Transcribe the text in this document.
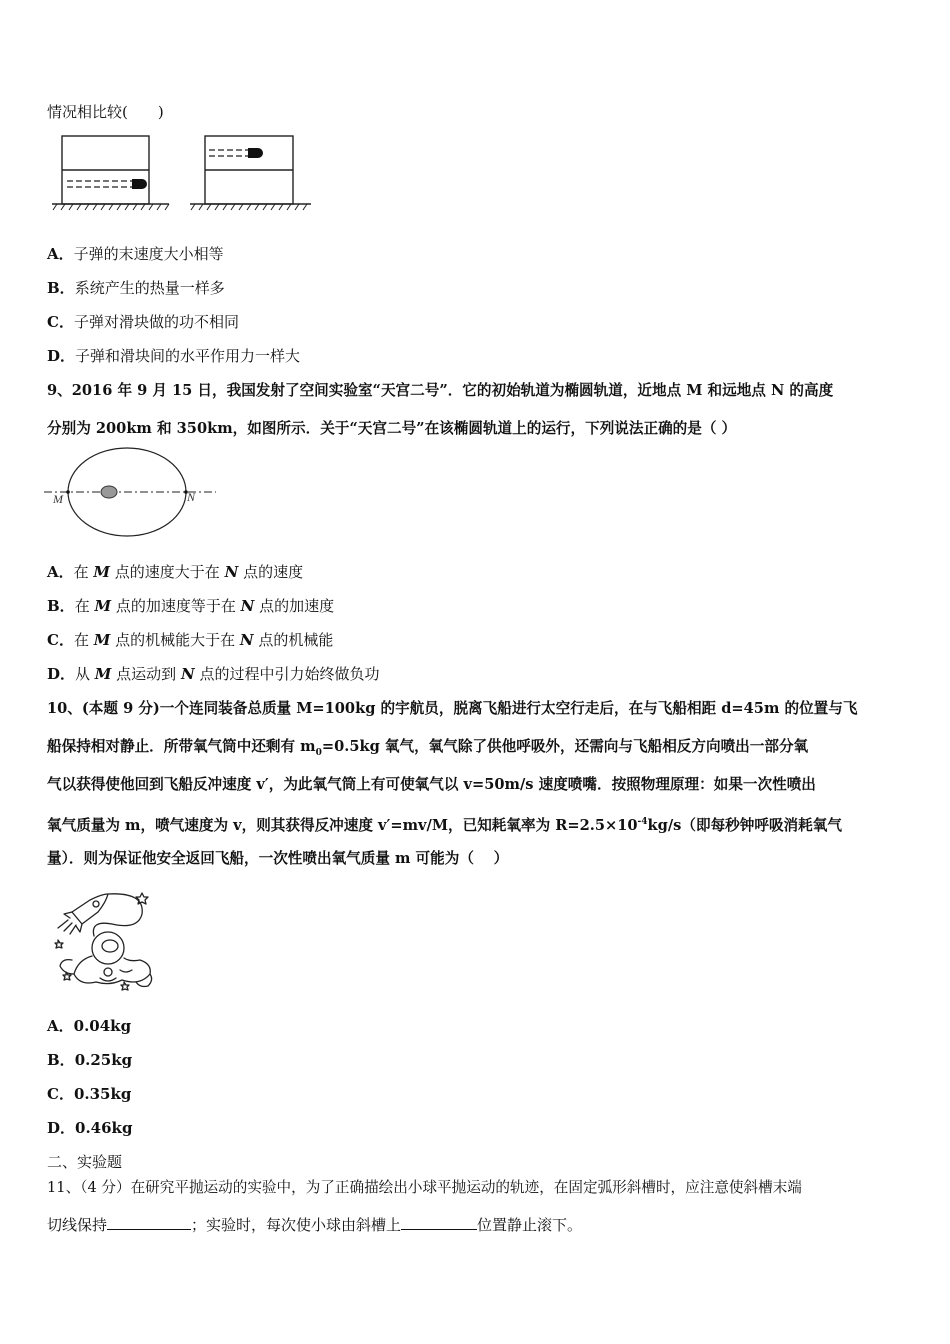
情况相比较(　　)
A．子弹的末速度大小相等
B．系统产生的热量一样多
C．子弹对滑块做的功不相同
D．子弹和滑块间的水平作用力一样大
9、2016 年 9 月 15 日，我国发射了空间实验室“天宫二号”．它的初始轨道为椭圆轨道，近地点 M 和远地点 N 的高度
分别为 200km 和 350km，如图所示．关于“天宫二号”在该椭圆轨道上的运行，下列说法正确的是（ ）
M	N
A．在 M 点的速度大于在 N 点的速度
B．在 M 点的加速度等于在 N 点的加速度
C．在 M 点的机械能大于在 N 点的机械能
D．从 M 点运动到 N 点的过程中引力始终做负功
10、(本题 9 分)一个连同装备总质量 M=100kg 的宇航员，脱离飞船进行太空行走后，在与飞船相距 d=45m 的位置与飞
船保持相对静止．所带氧气筒中还剩有 $m_0=0.5kg$ 氧气，氧气除了供他呼吸外，还需向与飞船相反方向喷出一部分氧
气以获得使他回到飞船反冲速度 v′，为此氧气筒上有可使氧气以 v=50m/s 速度喷嘴．按照物理原理：如果一次性喷出
氧气质量为 m，喷气速度为 v，则其获得反冲速度 v′=mv/M，已知耗氧率为 $R=2.5\times 10^{-4}kg/s$（即每秒钟呼吸消耗氧气
量）．则为保证他安全返回飞船，一次性喷出氧气质量 m 可能为（　 ）
A．0.04kg
B．0.25kg
C．0.35kg
D．0.46kg
二、实验题
11、（4 分）在研究平抛运动的实验中，为了正确描绘出小球平抛运动的轨迹，在固定弧形斜槽时，应注意使斜槽末端
切线保持	；实验时，每次使小球由斜槽上	位置静止滚下。
